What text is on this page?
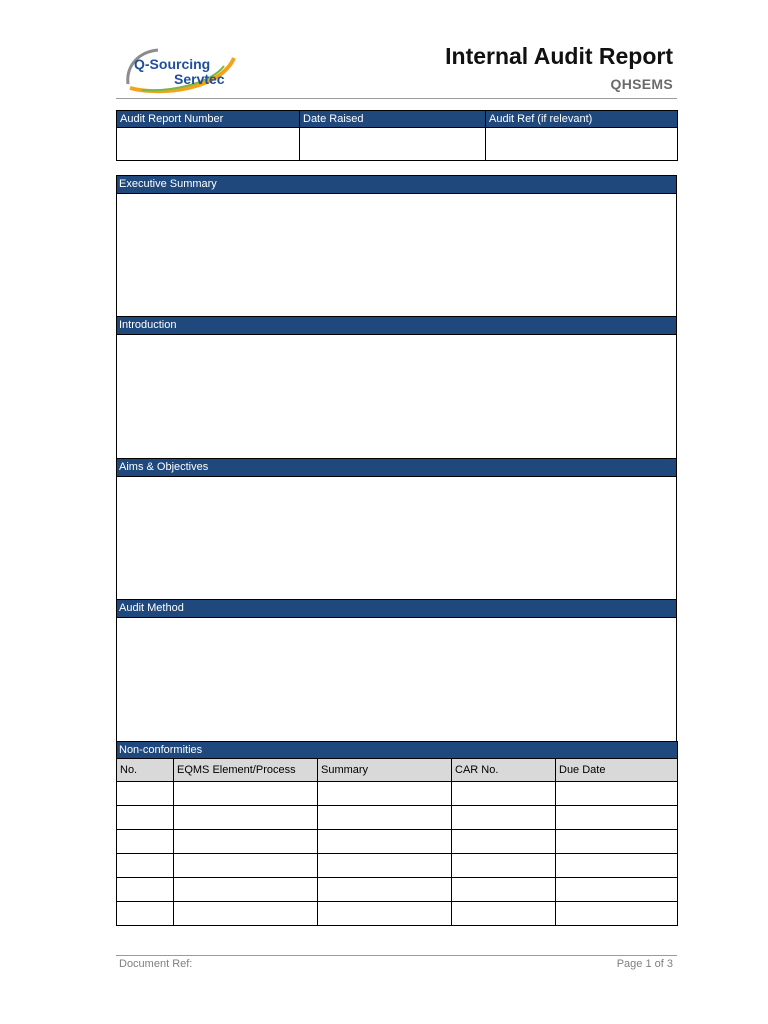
Q-Sourcing
Servtec
Internal Audit Report
QHSEMS
Audit Report Number	Date Raised	Audit Ref (if relevant)

Executive Summary
Introduction
Aims & Objectives
Audit Method
Non-conformities				
No.	EQMS Element/Process	Summary	CAR No.	Due Date

Document Ref:	Page 1 of 3
